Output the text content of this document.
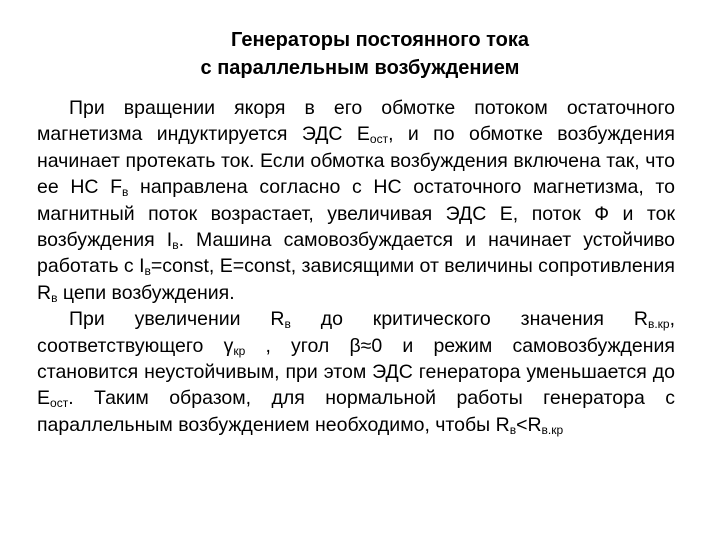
Генераторы постоянного тока
с параллельным возбуждением

При вращении якоря в его обмотке потоком остаточного магнетизма индуктируется ЭДС $Е_{ост}$, и по обмотке возбуждения начинает протекать ток. Если обмотка возбуждения включена так, что ее НС $F_в$ направлена согласно с НС остаточного магнетизма, то магнитный поток возрастает, увеличивая ЭДС Е, поток Ф и ток возбуждения $I_в$. Машина самовозбуждается и начинает устойчиво работать с $I_в=const$, E=const, зависящими от величины сопротивления $R_в$ цепи возбуждения.

При увеличении $R_в$ до критического значения $R_{в.кр}$, соответствующего $\gamma_{кр}$ , угол β≈0 и режим самовозбуждения становится неустойчивым, при этом ЭДС генератора уменьшается до $Е_{ост}$. Таким образом, для нормальной работы генератора с параллельным возбуждением необходимо, чтобы $R_в<R_{в.кр}$
